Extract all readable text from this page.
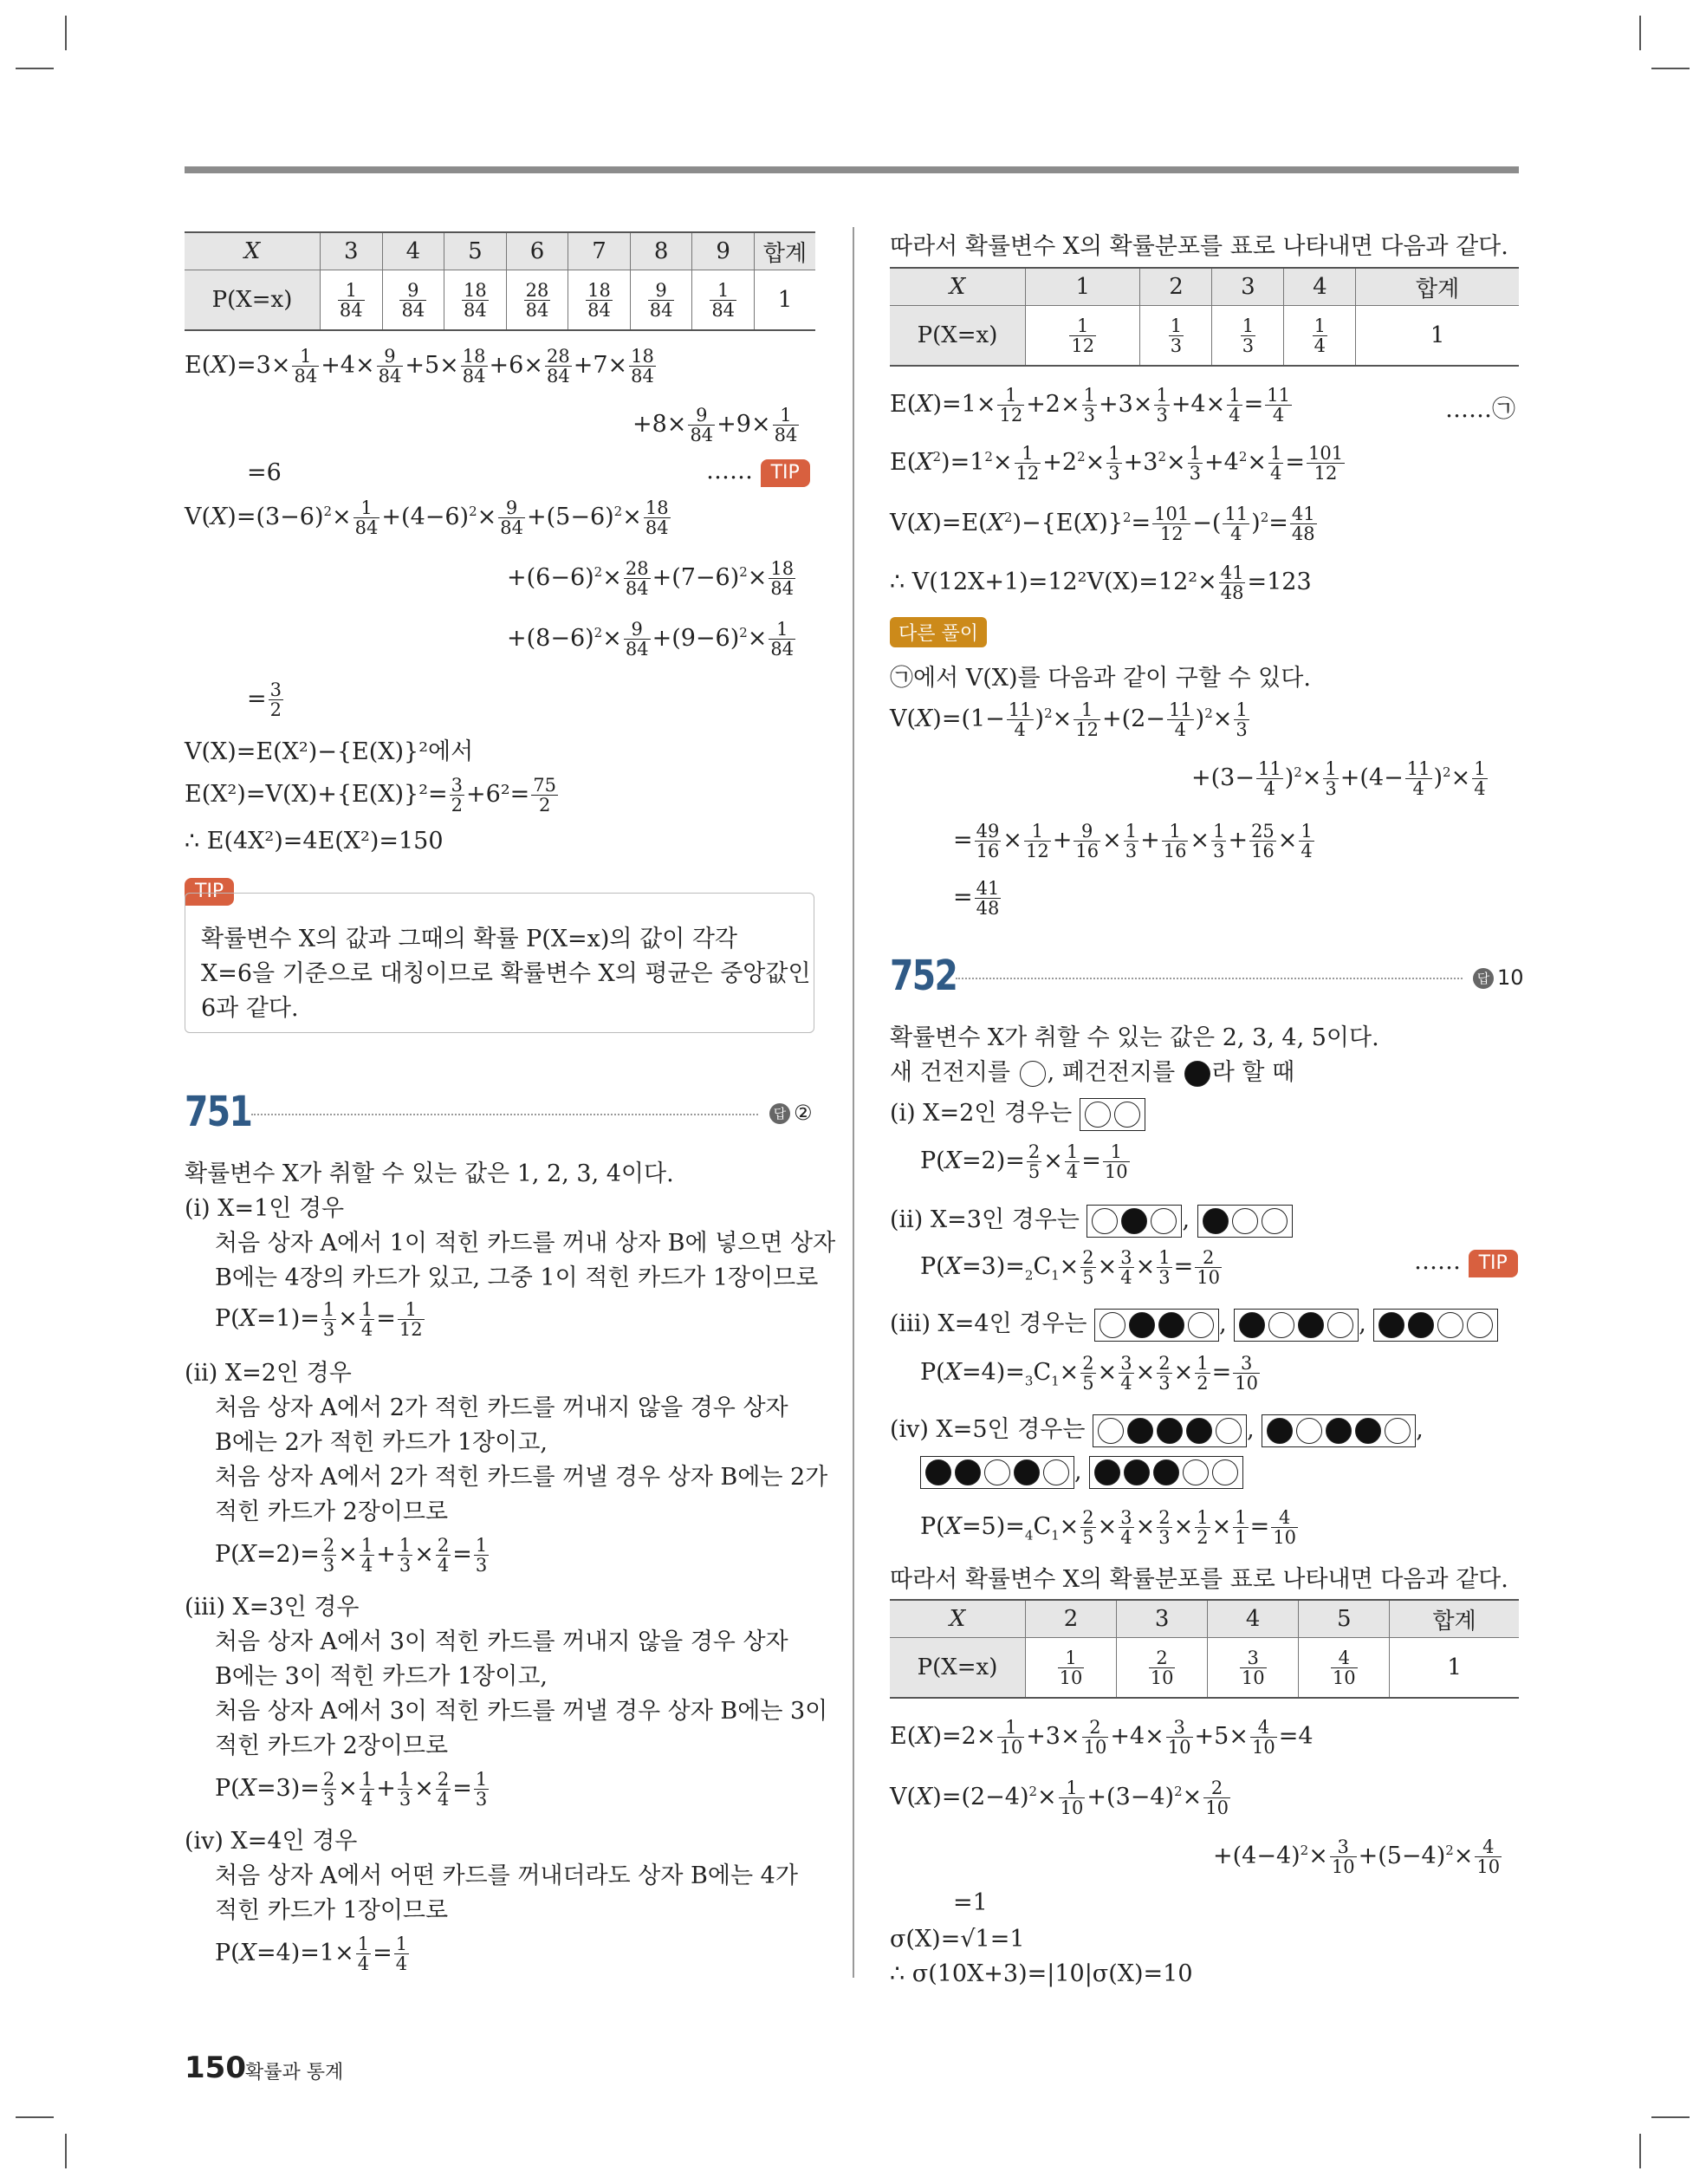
X	3	4	5	6	7	8	9	합계
P(X=x)	$\frac{1}{84}$	$\frac{9}{84}$	$\frac{18}{84}$	$\frac{28}{84}$	$\frac{18}{84}$	$\frac{9}{84}$	$\frac{1}{84}$	1
$E(X)=3\times \frac{1}{84} +4\times \frac{9}{84} +5\times \frac{18}{84} +6\times \frac{28}{84} +7\times \frac{18}{84}$
$+8\times \frac{9}{84} +9\times \frac{1}{84}$
=6	…… TIP
$V(X)=(3-6)^2\times \frac{1}{84} +(4-6)^2\times \frac{9}{84} +(5-6)^2\times \frac{18}{84}$
$+(6-6)^2\times \frac{28}{84} +(7-6)^2\times \frac{18}{84}$
$+(8-6)^2\times \frac{9}{84} +(9-6)^2\times \frac{1}{84}$
= $\frac{3}{2}$
V(X)=E(X²)−{E(X)}²에서
$E(X^2)=V(X)+\{E(X)\}^2= \frac{3}{2} +6^2= \frac{75}{2}$
∴ E(4X²)=4E(X²)=150
TIP
확률변수 X의 값과 그때의 확률 P(X=x)의 값이 각각
X=6을 기준으로 대칭이므로 확률변수 X의 평균은 중앙값인
6과 같다.
751	답 ②
확률변수 X가 취할 수 있는 값은 1, 2, 3, 4이다.
(i) X=1인 경우
처음 상자 A에서 1이 적힌 카드를 꺼내 상자 B에 넣으면 상자
B에는 4장의 카드가 있고, 그중 1이 적힌 카드가 1장이므로
$P(X=1)= \frac{1}{3} \times \frac{1}{4} = \frac{1}{12}$
(ii) X=2인 경우
처음 상자 A에서 2가 적힌 카드를 꺼내지 않을 경우 상자
B에는 2가 적힌 카드가 1장이고,
처음 상자 A에서 2가 적힌 카드를 꺼낼 경우 상자 B에는 2가
적힌 카드가 2장이므로
$P(X=2)= \frac{2}{3} \times \frac{1}{4} + \frac{1}{3} \times \frac{2}{4} = \frac{1}{3}$
(iii) X=3인 경우
처음 상자 A에서 3이 적힌 카드를 꺼내지 않을 경우 상자
B에는 3이 적힌 카드가 1장이고,
처음 상자 A에서 3이 적힌 카드를 꺼낼 경우 상자 B에는 3이
적힌 카드가 2장이므로
$P(X=3)= \frac{2}{3} \times \frac{1}{4} + \frac{1}{3} \times \frac{2}{4} = \frac{1}{3}$
(iv) X=4인 경우
처음 상자 A에서 어떤 카드를 꺼내더라도 상자 B에는 4가
적힌 카드가 1장이므로
$P(X=4)=1\times \frac{1}{4} = \frac{1}{4}$
따라서 확률변수 X의 확률분포를 표로 나타내면 다음과 같다.
X	1	2	3	4	합계
P(X=x)	$\frac{1}{12}$	$\frac{1}{3}$	$\frac{1}{3}$	$\frac{1}{4}$	1
$E(X)=1\times \frac{1}{12} +2\times \frac{1}{3} +3\times \frac{1}{3} +4\times \frac{1}{4} = \frac{11}{4}$	……㉠
$E(X^2)=1^2\times \frac{1}{12} +2^2\times \frac{1}{3} +3^2\times \frac{1}{3} +4^2\times \frac{1}{4} = \frac{101}{12}$
$V(X)=E(X^2)-\{E(X)\}^2= \frac{101}{12}$ −( $\frac{11}{4} )^2= \frac{41}{48}$
∴ $V(12X+1)=12^2V(X)=12^2\times \frac{41}{48} =123$
다른 풀이
㉠에서 V(X)를 다음과 같이 구할 수 있다.
$V(X)=(1- \frac{11}{4} )^2\times \frac{1}{12} +(2- \frac{11}{4} )^2\times \frac{1}{3}$
$+(3- \frac{11}{4} )^2\times \frac{1}{3} +(4- \frac{11}{4} )^2\times \frac{1}{4}$
= $\frac{49}{16} \times \frac{1}{12} + \frac{9}{16} \times \frac{1}{3} + \frac{1}{16} \times \frac{1}{3} + \frac{25}{16} \times \frac{1}{4}$
= $\frac{41}{48}$
752	답 10
확률변수 X가 취할 수 있는 값은 2, 3, 4, 5이다.
새 건전지를 , 폐건전지를 라 할 때
(i) X=2인 경우는
$P(X=2)= \frac{2}{5} \times \frac{1}{4} = \frac{1}{10}$
(ii) X=3인 경우는	,
$P(X=3)=_2C_1\times \frac{2}{5} \times \frac{3}{4} \times \frac{1}{3} = \frac{2}{10}$	…… TIP
(iii) X=4인 경우는	,	,
$P(X=4)=_3C_1\times \frac{2}{5} \times \frac{3}{4} \times \frac{2}{3} \times \frac{1}{2} = \frac{3}{10}$
(iv) X=5인 경우는	,	,
,
$P(X=5)=_4C_1\times \frac{2}{5} \times \frac{3}{4} \times \frac{2}{3} \times \frac{1}{2} \times \frac{1}{1} = \frac{4}{10}$
따라서 확률변수 X의 확률분포를 표로 나타내면 다음과 같다.
X	2	3	4	5	합계
P(X=x)	$\frac{1}{10}$	$\frac{2}{10}$	$\frac{3}{10}$	$\frac{4}{10}$	1
$E(X)=2\times \frac{1}{10} +3\times \frac{2}{10} +4\times \frac{3}{10} +5\times \frac{4}{10} =4$
$V(X)=(2-4)^2\times \frac{1}{10} +(3-4)^2\times \frac{2}{10}$
$+(4-4)^2\times \frac{3}{10} +(5-4)^2\times \frac{4}{10}$
=1
σ(X)=√1=1
∴ σ(10X+3)=|10|σ(X)=10
150 확률과 통계
